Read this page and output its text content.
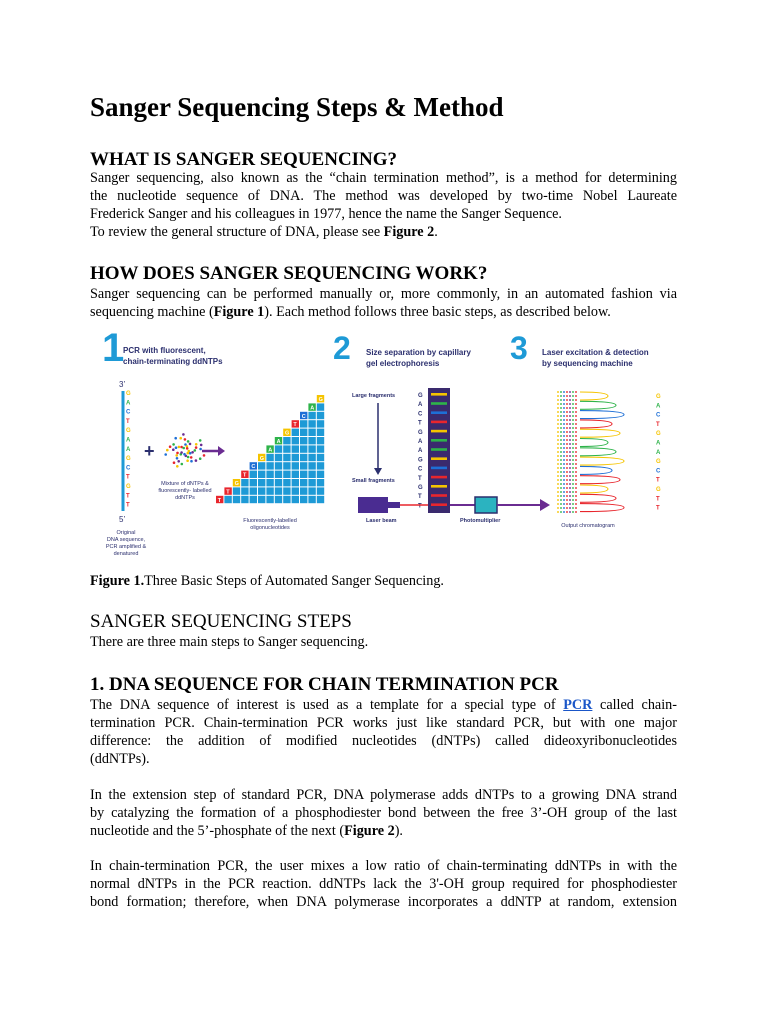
Sanger Sequencing Steps & Method
WHAT IS SANGER SEQUENCING?
Sanger sequencing, also known as the “chain termination method”, is a method for determining
the nucleotide sequence of DNA. The method was developed by two-time Nobel Laureate
Frederick Sanger and his colleagues in 1977, hence the name the Sanger Sequence.
To review the general structure of DNA, please see Figure 2.
HOW DOES SANGER SEQUENCING WORK?
Sanger sequencing can be performed manually or, more commonly, in an automated fashion via
sequencing machine (Figure 1). Each method follows three basic steps, as described below.
1
PCR with fluorescent,
chain-terminating ddNTPs
3’
G
A
C
T
G
A
A
G
C
T
G
T
T
5’
Original
DNA sequence,
PCR amplified &
denatured
+
Mixture of dNTPs &
fluorescently- labelled
ddNTPs
G
A
C
T
G
A
A
G
C
T
G
T
T
Fluorescently-labelled
oligonucleotides
2 Size separation by capillary
gel electrophoresis
Large fragments
Small fragments
G
A
C
T
G
A
A
G
C
T
G
T
T
Laser beam	Photomultiplier
3 Laser excitation & detection
by sequencing machine
G
A
C
T
G
A
A
G
C
T
G
T
T
Output chromatogram
Figure 1.Three Basic Steps of Automated Sanger Sequencing.
SANGER SEQUENCING STEPS
There are three main steps to Sanger sequencing.
1. DNA SEQUENCE FOR CHAIN TERMINATION PCR
The DNA sequence of interest is used as a template for a special type of PCR called chain-
termination PCR. Chain-termination PCR works just like standard PCR, but with one major
difference: the addition of modified nucleotides (dNTPs) called dideoxyribonucleotides
(ddNTPs).
In the extension step of standard PCR, DNA polymerase adds dNTPs to a growing DNA strand
by catalyzing the formation of a phosphodiester bond between the free 3’-OH group of the last
nucleotide and the 5’-phosphate of the next (Figure 2).
In chain-termination PCR, the user mixes a low ratio of chain-terminating ddNTPs in with the
normal dNTPs in the PCR reaction. ddNTPs lack the 3'-OH group required for phosphodiester
bond formation; therefore, when DNA polymerase incorporates a ddNTP at random, extension
